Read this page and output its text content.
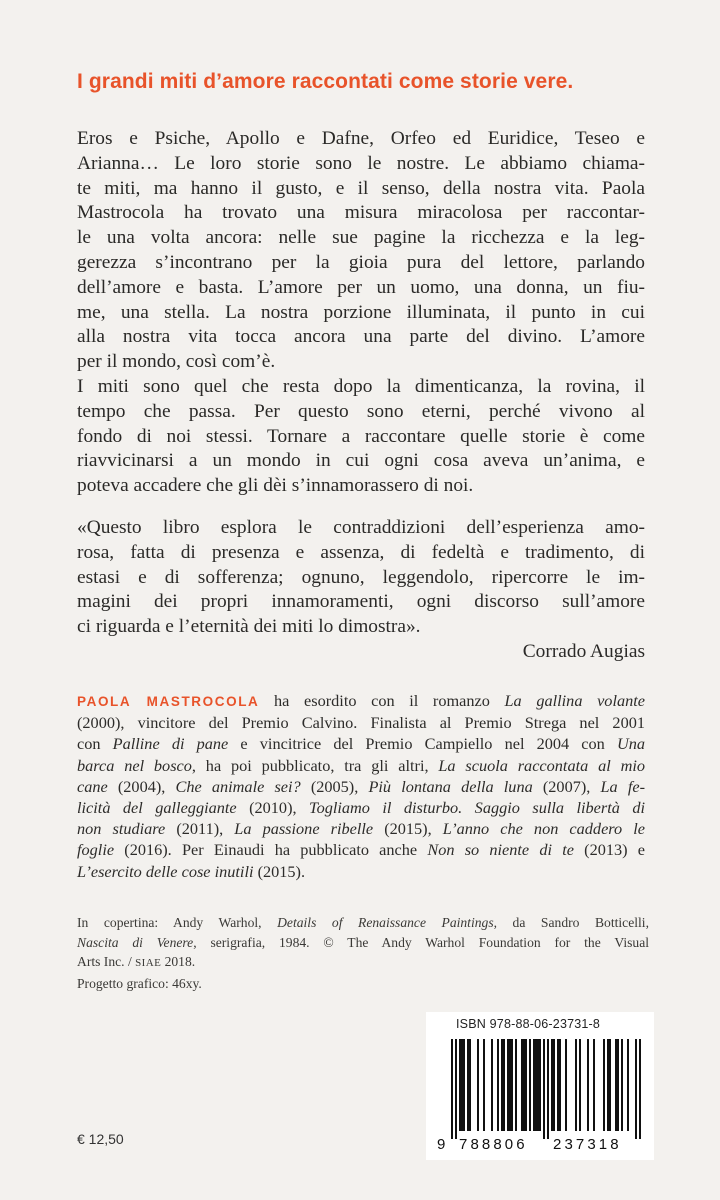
I grandi miti d’amore raccontati come storie vere.
Eros e Psiche, Apollo e Dafne, Orfeo ed Euridice, Teseo e
Arianna… Le loro storie sono le nostre. Le abbiamo chiama-
te miti, ma hanno il gusto, e il senso, della nostra vita. Paola
Mastrocola ha trovato una misura miracolosa per raccontar-
le una volta ancora: nelle sue pagine la ricchezza e la leg-
gerezza s’incontrano per la gioia pura del lettore, parlando
dell’amore e basta. L’amore per un uomo, una donna, un fiu-
me, una stella. La nostra porzione illuminata, il punto in cui
alla nostra vita tocca ancora una parte del divino. L’amore
per il mondo, così com’è.
I miti sono quel che resta dopo la dimenticanza, la rovina, il
tempo che passa. Per questo sono eterni, perché vivono al
fondo di noi stessi. Tornare a raccontare quelle storie è come
riavvicinarsi a un mondo in cui ogni cosa aveva un’anima, e
poteva accadere che gli dèi s’innamorassero di noi.
«Questo libro esplora le contraddizioni dell’esperienza amo-
rosa, fatta di presenza e assenza, di fedeltà e tradimento, di
estasi e di sofferenza; ognuno, leggendolo, ripercorre le im-
magini dei propri innamoramenti, ogni discorso sull’amore
ci riguarda e l’eternità dei miti lo dimostra».
Corrado Augias
PAOLA MASTROCOLA ha esordito con il romanzo La gallina volante
(2000), vincitore del Premio Calvino. Finalista al Premio Strega nel 2001
con Palline di pane e vincitrice del Premio Campiello nel 2004 con Una
barca nel bosco, ha poi pubblicato, tra gli altri, La scuola raccontata al mio
cane (2004), Che animale sei? (2005), Più lontana della luna (2007), La fe-
licità del galleggiante (2010), Togliamo il disturbo. Saggio sulla libertà di
non studiare (2011), La passione ribelle (2015), L’anno che non caddero le
foglie (2016). Per Einaudi ha pubblicato anche Non so niente di te (2013) e
L’esercito delle cose inutili (2015).
In copertina: Andy Warhol, Details of Renaissance Paintings, da Sandro Botticelli,
Nascita di Venere, serigrafia, 1984. © The Andy Warhol Foundation for the Visual
Arts Inc. / SIAE 2018.
Progetto grafico: 46xy.
€ 12,50
ISBN 978-88-06-23731-8
9 788806 237318
